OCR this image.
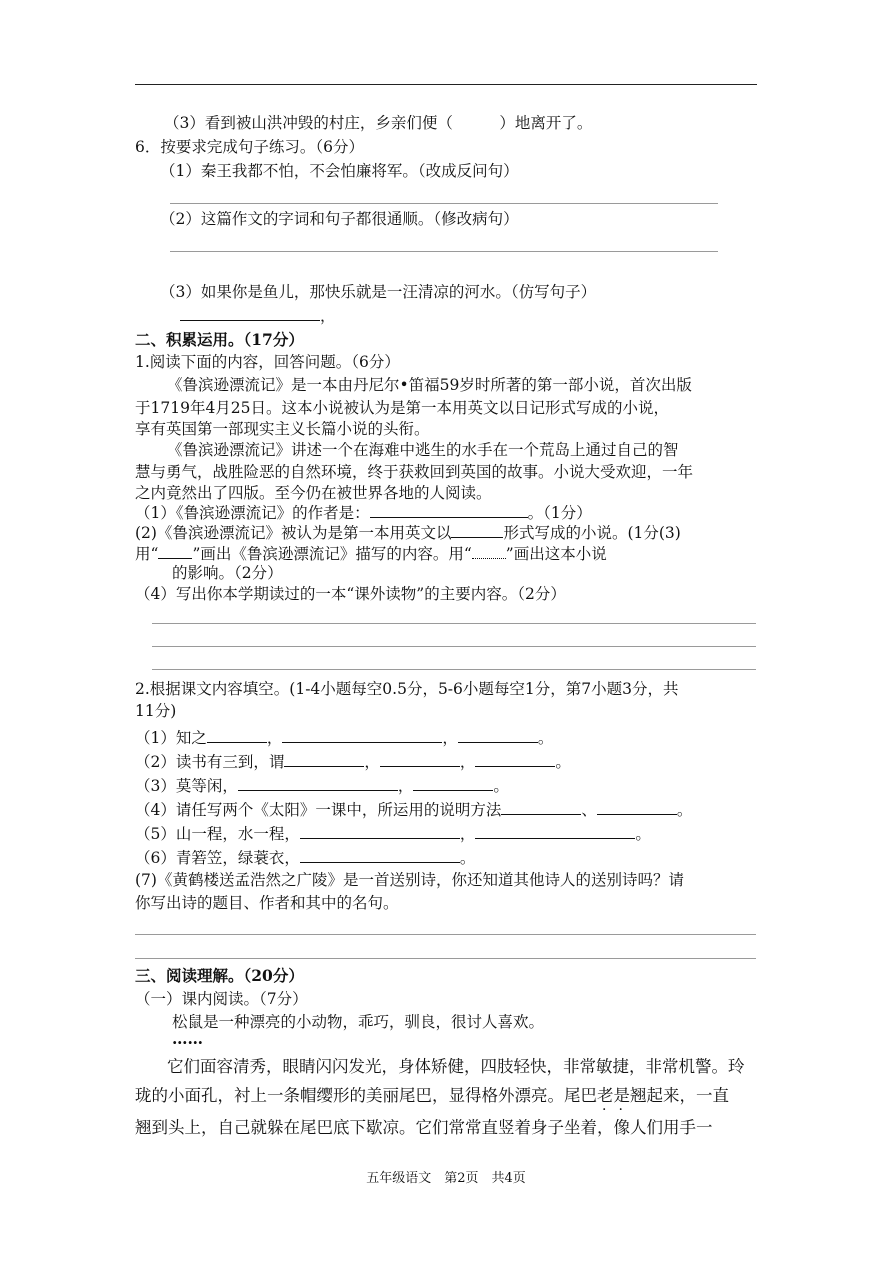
（3）看到被山洪冲毁的村庄，乡亲们便（　　　）地离开了。
6．按要求完成句子练习。（6分）
（1）秦王我都不怕，不会怕廉将军。（改成反问句）
（2）这篇作文的字词和句子都很通顺。（修改病句）
（3）如果你是鱼儿，那快乐就是一汪清凉的河水。（仿写句子）
，
二、积累运用。（17分）
1.阅读下面的内容，回答问题。（6分）
《鲁滨逊漂流记》是一本由丹尼尔•笛福59岁时所著的第一部小说，首次出版
于1719年4月25日。这本小说被认为是第一本用英文以日记形式写成的小说，
享有英国第一部现实主义长篇小说的头衔。
《鲁滨逊漂流记》讲述一个在海难中逃生的水手在一个荒岛上通过自己的智
慧与勇气，战胜险恶的自然环境，终于获救回到英国的故事。小说大受欢迎，一年
之内竟然出了四版。至今仍在被世界各地的人阅读。
（1）《鲁滨逊漂流记》的作者是：	。（1分）
(2)《鲁滨逊漂流记》被认为是第一本用英文以	形式写成的小说。(1分(3)
用“ ”画出《鲁滨逊漂流记》描写的内容。用“ ”画出这本小说
的影响。（2分）
（4）写出你本学期读过的一本“课外读物”的主要内容。（2分）
2.根据课文内容填空。(1-4小题每空0.5分，5-6小题每空1分，第7小题3分，共
11分)
（1）知之	，	，	。
（2）读书有三到，谓	，	，	。
（3）莫等闲，	，	。
（4）请任写两个《太阳》一课中，所运用的说明方法	、	。
（5）山一程，水一程，	，	。
（6）青箬笠，绿蓑衣，	。
(7)《黄鹤楼送孟浩然之广陵》是一首送别诗，你还知道其他诗人的送别诗吗？请
你写出诗的题目、作者和其中的名句。
三、阅读理解。（20分）
（一）课内阅读。（7分）
松鼠是一种漂亮的小动物，乖巧，驯良，很讨人喜欢。
……
它们面容清秀，眼睛闪闪发光，身体矫健，四肢轻快，非常敏捷，非常机警。玲
珑的小面孔，衬上一条帽缨形的美丽尾巴，显得格外漂亮。尾巴老是翘起来，一直
翘到头上，自己就躲在尾巴底下歇凉。它们常常直竖着身子坐着，像人们用手一
五年级语文　第2页　共4页
